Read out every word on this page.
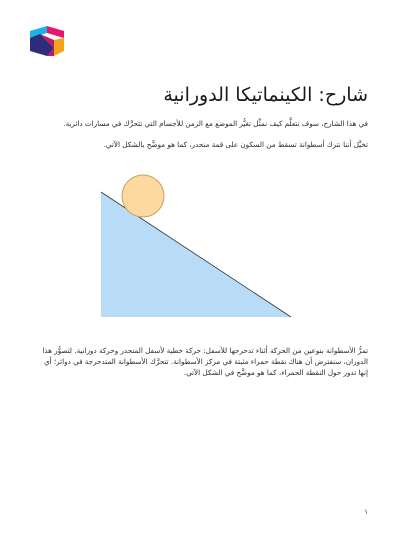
شارح: الكينماتيكا الدورانية

في هذا الشارح، سوف نتعلَّم كيف نمثِّل تغيُّر الموضع مع الزمن للأجسام التي تتحرَّك في مسارات دائرية.

تخيَّل أننا نترك أسطوانة تسقط من السكون على قمة منحدر، كما هو موضَّح بالشكل الآتي.

تمرُّ الأسطوانة بنوعين من الحركة أثناء تدحرجها للأسفل: حركة خطية لأسفل المنحدر وحركة دورانية. لتصوُّر هذا الدوران، سنفترض أن هناك نقطة حمراء مثبتة في مركز الأسطوانة. تتحرَّك الأسطوانة المتدحرجة في دوائر؛ أي إنها تدور حول النقطة الحمراء، كما هو موضَّح في الشكل الآتي.

١
